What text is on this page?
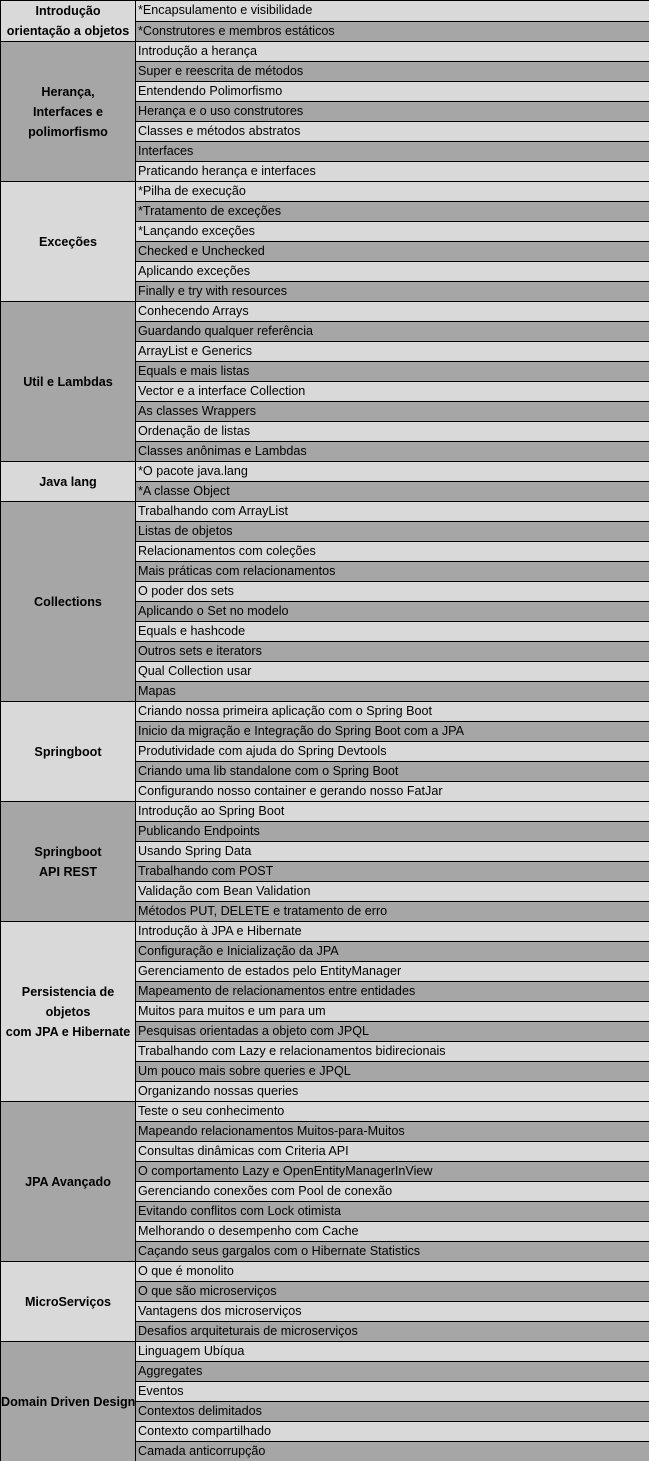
Introdução
orientação a objetos	*Encapsulamento e visibilidade
	*Construtores e membros estáticos
Herança,
Interfaces e
polimorfismo	Introdução a herança
	Super e reescrita de métodos
	Entendendo Polimorfismo
	Herança e o uso construtores
	Classes e métodos abstratos
	Interfaces
	Praticando herança e interfaces
Exceções	*Pilha de execução
	*Tratamento de exceções
	*Lançando exceções
	Checked e Unchecked
	Aplicando exceções
	Finally e try with resources
Util e Lambdas	Conhecendo Arrays
	Guardando qualquer referência
	ArrayList e Generics
	Equals e mais listas
	Vector e a interface Collection
	As classes Wrappers
	Ordenação de listas
	Classes anônimas e Lambdas
Java lang	*O pacote java.lang
	*A classe Object
Collections	Trabalhando com ArrayList
	Listas de objetos
	Relacionamentos com coleções
	Mais práticas com relacionamentos
	O poder dos sets
	Aplicando o Set no modelo
	Equals e hashcode
	Outros sets e iterators
	Qual Collection usar
	Mapas
Springboot	Criando nossa primeira aplicação com o Spring Boot
	Inicio da migração e Integração do Spring Boot com a JPA
	Produtividade com ajuda do Spring Devtools
	Criando uma lib standalone com o Spring Boot
	Configurando nosso container e gerando nosso FatJar
Springboot
API REST	Introdução ao Spring Boot
	Publicando Endpoints
	Usando Spring Data
	Trabalhando com POST
	Validação com Bean Validation
	Métodos PUT, DELETE e tratamento de erro
Persistencia de
objetos
com JPA e Hibernate	Introdução à JPA e Hibernate
	Configuração e Inicialização da JPA
	Gerenciamento de estados pelo EntityManager
	Mapeamento de relacionamentos entre entidades
	Muitos para muitos e um para um
	Pesquisas orientadas a objeto com JPQL
	Trabalhando com Lazy e relacionamentos bidirecionais
	Um pouco mais sobre queries e JPQL
	Organizando nossas queries
JPA Avançado	Teste o seu conhecimento
	Mapeando relacionamentos Muitos-para-Muitos
	Consultas dinâmicas com Criteria API
	O comportamento Lazy e OpenEntityManagerInView
	Gerenciando conexões com Pool de conexão
	Evitando conflitos com Lock otimista
	Melhorando o desempenho com Cache
	Caçando seus gargalos com o Hibernate Statistics
MicroServiços	O que é monolito
	O que são microserviços
	Vantagens dos microserviços
	Desafios arquiteturais de microserviços
Domain Driven Design	Linguagem Ubíqua
	Aggregates
	Eventos
	Contextos delimitados
	Contexto compartilhado
	Camada anticorrupção
